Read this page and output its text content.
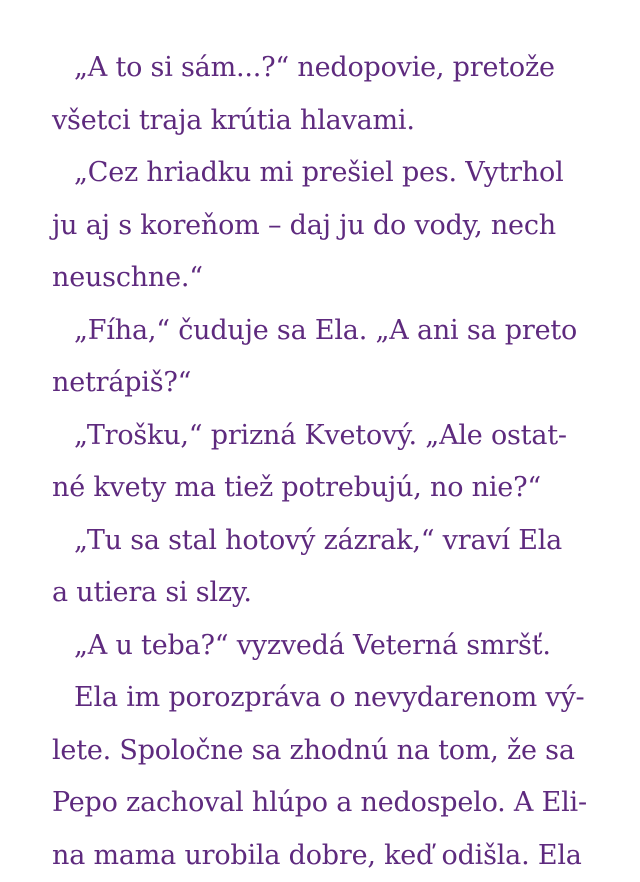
„A to si sám...?“ nedopovie, pretože
všetci traja krútia hlavami.
„Cez hriadku mi prešiel pes. Vytrhol
ju aj s koreňom – daj ju do vody, nech
neuschne.“
„Fíha,“ čuduje sa Ela. „A ani sa preto
netrápiš?“
„Trošku,“ prizná Kvetový. „Ale ostat-
né kvety ma tiež potrebujú, no nie?“
„Tu sa stal hotový zázrak,“ vraví Ela
a utiera si slzy.
„A u teba?“ vyzvedá Veterná smršť.
Ela im porozpráva o nevydarenom vý-
lete. Spoločne sa zhodnú na tom, že sa
Pepo zachoval hlúpo a nedospelo. A Eli-
na mama urobila dobre, keď odišla. Ela
